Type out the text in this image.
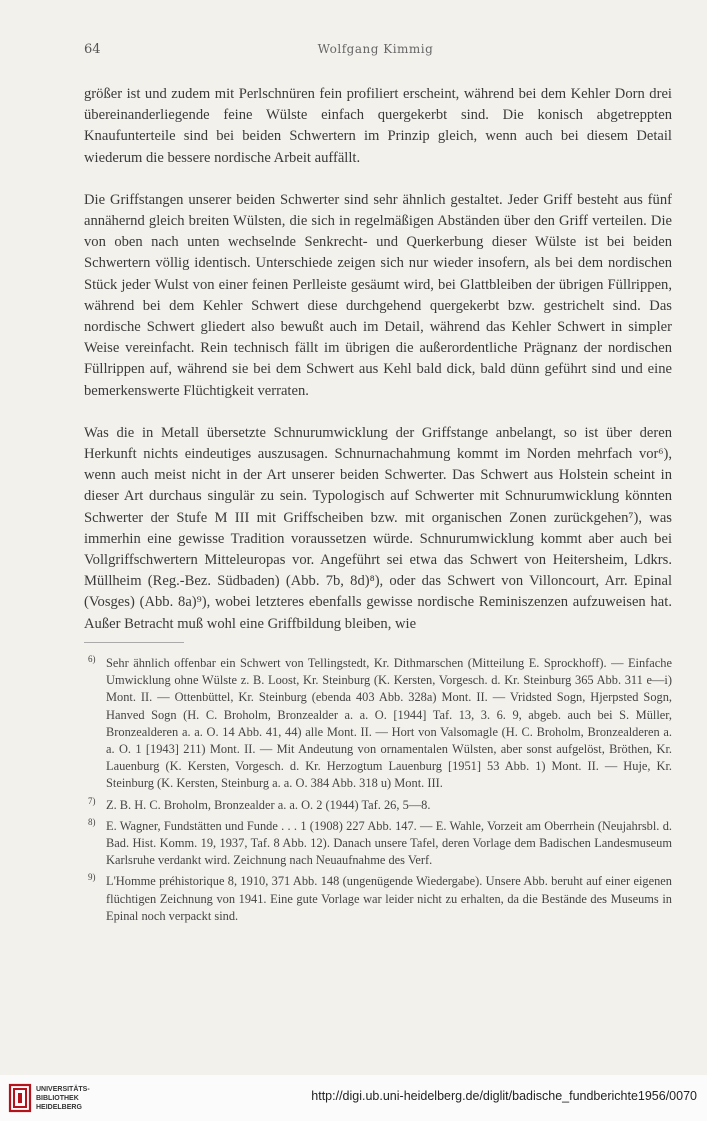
64	Wolfgang Kimmig

größer ist und zudem mit Perlschnüren fein profiliert erscheint, während bei dem Kehler Dorn drei übereinanderliegende feine Wülste einfach quergekerbt sind. Die konisch abgetreppten Knaufunterteile sind bei beiden Schwertern im Prinzip gleich, wenn auch bei diesem Detail wiederum die bessere nordische Arbeit auffällt.

Die Griffstangen unserer beiden Schwerter sind sehr ähnlich gestaltet. Jeder Griff besteht aus fünf annähernd gleich breiten Wülsten, die sich in regelmäßigen Abständen über den Griff verteilen. Die von oben nach unten wechselnde Senkrecht- und Querkerbung dieser Wülste ist bei beiden Schwertern völlig identisch. Unterschiede zeigen sich nur wieder insofern, als bei dem nordischen Stück jeder Wulst von einer feinen Perlleiste gesäumt wird, bei Glattbleiben der übrigen Füllrippen, während bei dem Kehler Schwert diese durchgehend quergekerbt bzw. gestrichelt sind. Das nordische Schwert gliedert also bewußt auch im Detail, während das Kehler Schwert in simpler Weise vereinfacht. Rein technisch fällt im übrigen die außerordentliche Prägnanz der nordischen Füllrippen auf, während sie bei dem Schwert aus Kehl bald dick, bald dünn geführt sind und eine bemerkenswerte Flüchtigkeit verraten.

Was die in Metall übersetzte Schnurumwicklung der Griffstange anbelangt, so ist über deren Herkunft nichts eindeutiges auszusagen. Schnurnachahmung kommt im Norden mehrfach vor⁶), wenn auch meist nicht in der Art unserer beiden Schwerter. Das Schwert aus Holstein scheint in dieser Art durchaus singulär zu sein. Typologisch auf Schwerter mit Schnurumwicklung könnten Schwerter der Stufe M III mit Griffscheiben bzw. mit organischen Zonen zurückgehen⁷), was immerhin eine gewisse Tradition voraussetzen würde. Schnurumwicklung kommt aber auch bei Vollgriffschwertern Mitteleuropas vor. Angeführt sei etwa das Schwert von Heitersheim, Ldkrs. Müllheim (Reg.-Bez. Südbaden) (Abb. 7b, 8d)⁸), oder das Schwert von Villoncourt, Arr. Epinal (Vosges) (Abb. 8a)⁹), wobei letzteres ebenfalls gewisse nordische Reminiszenzen aufzuweisen hat. Außer Betracht muß wohl eine Griffbildung bleiben, wie

6) Sehr ähnlich offenbar ein Schwert von Tellingstedt, Kr. Dithmarschen (Mitteilung E. Sprockhoff). — Einfache Umwicklung ohne Wülste z. B. Loost, Kr. Steinburg (K. Kersten, Vorgesch. d. Kr. Steinburg 365 Abb. 311 e—i) Mont. II. — Ottenbüttel, Kr. Steinburg (ebenda 403 Abb. 328a) Mont. II. — Vridsted Sogn, Hjerpsted Sogn, Hanved Sogn (H. C. Broholm, Bronzealder a. a. O. [1944] Taf. 13, 3. 6. 9, abgeb. auch bei S. Müller, Bronzealderen a. a. O. 14 Abb. 41, 44) alle Mont. II. — Hort von Valsomagle (H. C. Broholm, Bronzealderen a. a. O. 1 [1943] 211) Mont. II. — Mit Andeutung von ornamentalen Wülsten, aber sonst aufgelöst, Bröthen, Kr. Lauenburg (K. Kersten, Vorgesch. d. Kr. Herzogtum Lauenburg [1951] 53 Abb. 1) Mont. II. — Huje, Kr. Steinburg (K. Kersten, Steinburg a. a. O. 384 Abb. 318 u) Mont. III.
7) Z. B. H. C. Broholm, Bronzealder a. a. O. 2 (1944) Taf. 26, 5—8.
8) E. Wagner, Fundstätten und Funde . . . 1 (1908) 227 Abb. 147. — E. Wahle, Vorzeit am Oberrhein (Neujahrsbl. d. Bad. Hist. Komm. 19, 1937, Taf. 8 Abb. 12). Danach unsere Tafel, deren Vorlage dem Badischen Landesmuseum Karlsruhe verdankt wird. Zeichnung nach Neuaufnahme des Verf.
9) L'Homme préhistorique 8, 1910, 371 Abb. 148 (ungenügende Wiedergabe). Unsere Abb. beruht auf einer eigenen flüchtigen Zeichnung von 1941. Eine gute Vorlage war leider nicht zu erhalten, da die Bestände des Museums in Epinal noch verpackt sind.
UNIVERSITÄTS-
BIBLIOTHEK
HEIDELBERG
http://digi.ub.uni-heidelberg.de/diglit/badische_fundberichte1956/0070
